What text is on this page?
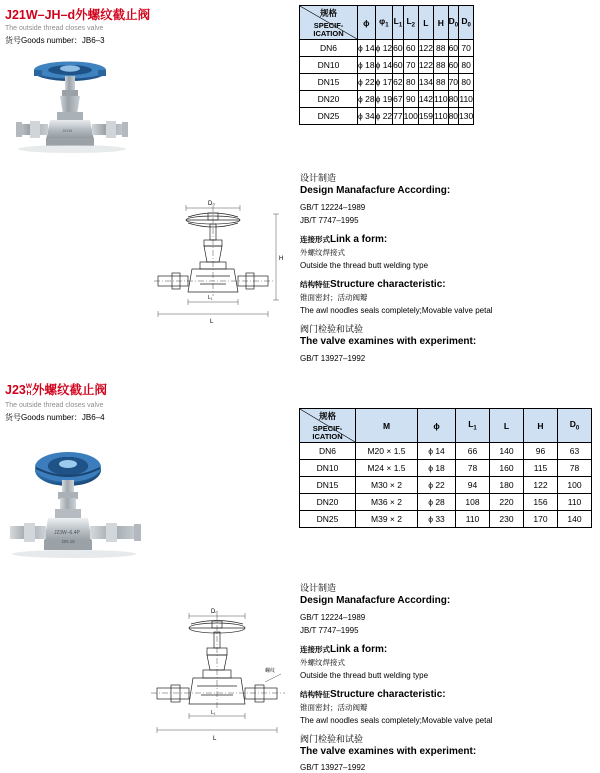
J21W–JH–d外螺纹截止阀
The outside thread closes valve
货号Goods number：JB6–3
J21W
D₀
H
L
L₁
规格
SPECIF-
ICATION	ϕ	$\varphi_1$	$L_1$	$L_2$	L	H	$D_0$	$D_0$
DN6	ϕ 14	ϕ 12	60	60	122	88	60	70
DN10	ϕ 18	ϕ 14	60	70	122	88	60	80
DN15	ϕ 22	ϕ 17	62	80	134	88	70	80
DN20	ϕ 28	ϕ 19	67	90	142	110	80	110
DN25	ϕ 34	ϕ 22	77	100	159	110	80	130
设计制造
Design Manafacfure According:
GB/T 12224–1989
JB/T 7747–1995
连接形式Link a form:
外螺纹焊接式
Outside the thread butt welding type
结构特征Structure characteristic:
锥面密封；活动阀瓣
The awl noodles seals completely;Movable valve petal
阀门检验和试验
The valve examines with experiment:
GB/T 13927–1992
J23W
H外螺纹截止阀
The outside thread closes valve
货号Goods number：JB6–4
J23W–6.4P
DN 15
D₀
L
L₁
螺纹
规格
SPECIF-
ICATION	M	ϕ	$L_1$	L	H	$D_0$
DN6	M20 × 1.5	ϕ 14	66	140	96	63
DN10	M24 × 1.5	ϕ 18	78	160	115	78
DN15	M30 × 2	ϕ 22	94	180	122	100
DN20	M36 × 2	ϕ 28	108	220	156	110
DN25	M39 × 2	ϕ 33	110	230	170	140
设计制造
Design Manafacfure According:
GB/T 12224–1989
JB/T 7747–1995
连接形式Link a form:
外螺纹焊接式
Outside the thread butt welding type
结构特征Structure characteristic:
锥面密封；活动阀瓣
The awl noodles seals completely;Movable valve petal
阀门检验和试验
The valve examines with experiment:
GB/T 13927–1992
